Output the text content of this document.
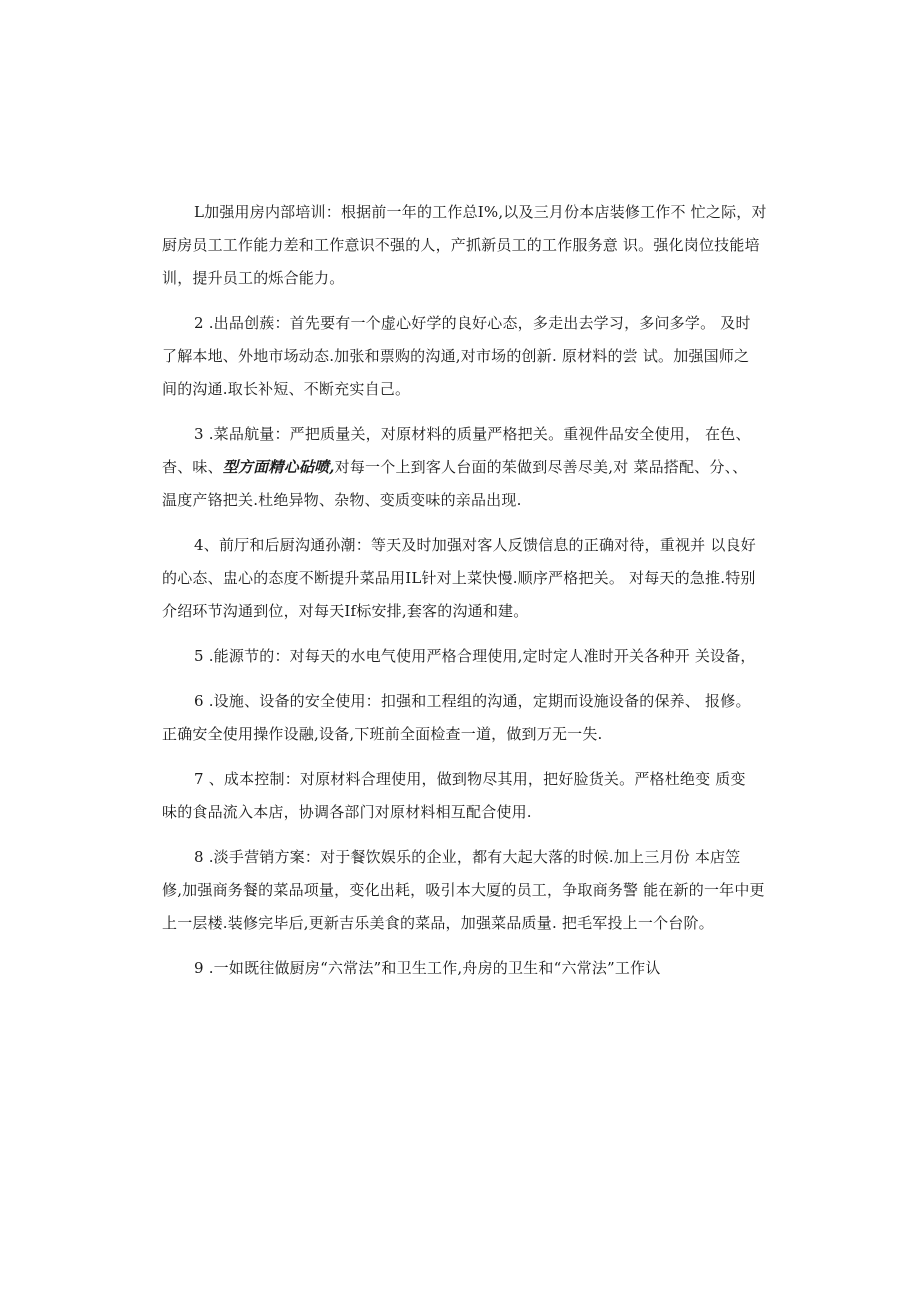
L加强用房内部培训：根据前一年的工作总I%,以及三月份本店装修工作不 忙之际，对
厨房员工工作能力差和工作意识不强的人，产抓新员工的工作服务意 识。强化岗位技能培
训，提升员工的烁合能力。

2 .出品创蔟：首先要有一个虚心好学的良好心态，多走出去学习，多问多学。 及时
了解本地、外地市场动态.加张和票购的沟通,对市场的创新. 原材料的尝 试。加强国师之
间的沟通.取长补短、不断充实自己。

3 .菜品航量：严把质量关，对原材料的质量严格把关。重视件品安全使用， 在色、
杳、味、型方面精心砧喷,对每一个上到客人台面的茱做到尽善尽美,对 菜品搭配、分、、
温度产铬把关.杜绝异物、杂物、变质变味的亲品出现.

4、前厅和后厨沟通孙潮：等天及时加强对客人反馈信息的正确对待，重视并 以良好
的心态、盅心的态度不断提升菜品用IL针对上菜快慢.顺序严格把关。 对每天的急推.特别
介绍环节沟通到位，对每天If标安排,套客的沟通和建。

5 .能源节的：对每天的水电气使用严格合理使用,定时定人准时开关各种开 关设备，

6 .设施、设备的安全使用：扣强和工程组的沟通，定期而设施设备的保养、 报修。
正确安全使用操作设融,设备,下班前全面检查一道，做到万无一失.

7 、成本控制：对原材料合理使用，做到物尽其用，把好脸货关。严格杜绝变 质变
味的食品流入本店，协调各部门对原材料相互配合使用.

8 .淡手营销方案：对于餐饮娱乐的企业，都有大起大落的时候.加上三月份 本店笠
修,加强商务餐的菜品项量，变化出耗，吸引本大厦的员工，争取商务警 能在新的一年中更
上一层楼.装修完毕后,更新吉乐美食的菜品，加强菜品质量. 把毛军投上一个台阶。

9 .一如既往做厨房“六常法”和卫生工作,舟房的卫生和“六常法”工作认
